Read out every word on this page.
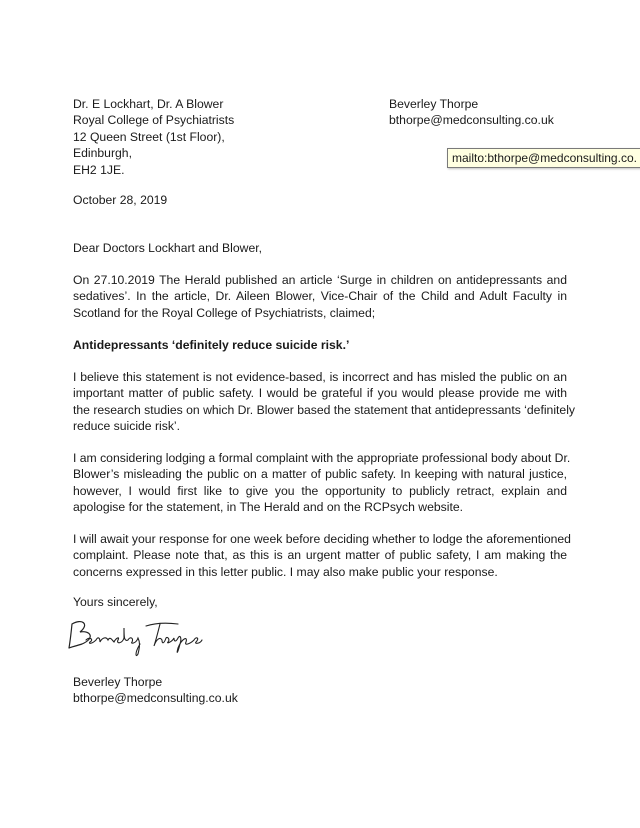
Dr. E Lockhart, Dr. A Blower
Royal College of Psychiatrists
12 Queen Street (1st Floor),
Edinburgh,
EH2 1JE.
Beverley Thorpe
bthorpe@medconsulting.co.uk
mailto:bthorpe@medconsulting.co.
October 28, 2019
Dear Doctors Lockhart and Blower,
On 27.10.2019 The Herald published an article ‘Surge in children on antidepressants and
sedatives’. In the article, Dr. Aileen Blower, Vice-Chair of the Child and Adult Faculty in
Scotland for the Royal College of Psychiatrists, claimed;
Antidepressants ‘definitely reduce suicide risk.’
I believe this statement is not evidence-based, is incorrect and has misled the public on an
important matter of public safety. I would be grateful if you would please provide me with
the research studies on which Dr. Blower based the statement that antidepressants ‘definitely
reduce suicide risk’.
I am considering lodging a formal complaint with the appropriate professional body about Dr.
Blower’s misleading the public on a matter of public safety. In keeping with natural justice,
however, I would first like to give you the opportunity to publicly retract, explain and
apologise for the statement, in The Herald and on the RCPsych website.
I will await your response for one week before deciding whether to lodge the aforementioned
complaint. Please note that, as this is an urgent matter of public safety, I am making the
concerns expressed in this letter public. I may also make public your response.
Yours sincerely,
Beverley Thorpe
bthorpe@medconsulting.co.uk
